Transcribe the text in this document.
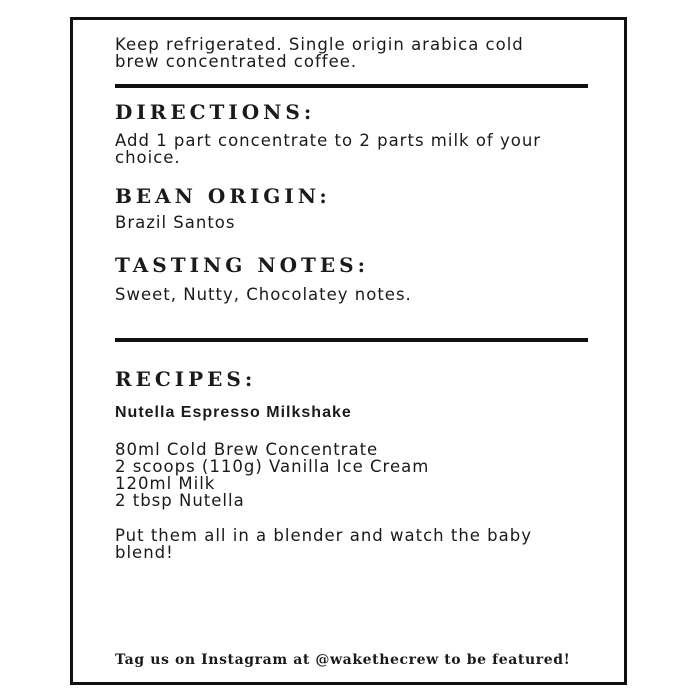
Keep refrigerated. Single origin arabica cold
brew concentrated coffee.
DIRECTIONS:
Add 1 part concentrate to 2 parts milk of your
choice.
BEAN ORIGIN:
Brazil Santos
TASTING NOTES:
Sweet, Nutty, Chocolatey notes.
RECIPES:
Nutella Espresso Milkshake
80ml Cold Brew Concentrate
2 scoops (110g) Vanilla Ice Cream
120ml Milk
2 tbsp Nutella
Put them all in a blender and watch the baby
blend!
Tag us on Instagram at @wakethecrew to be featured!
